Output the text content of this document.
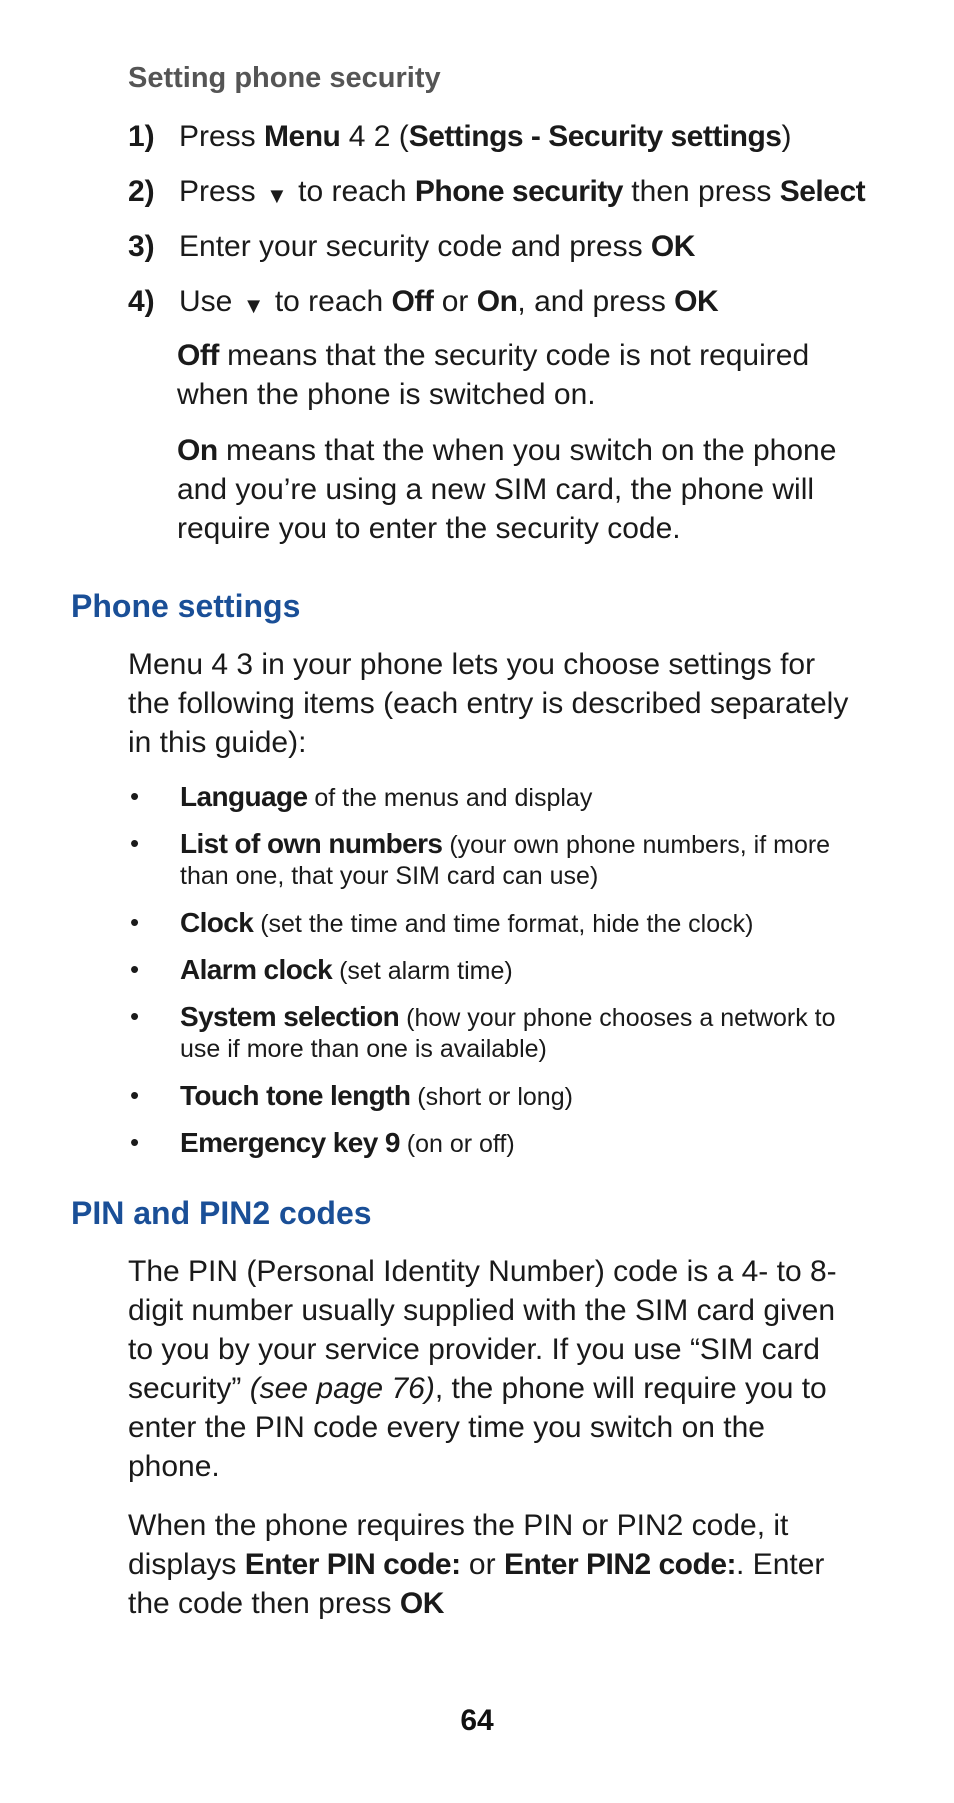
Setting phone security
1) Press Menu 4 2 (Settings - Security settings)
2) Press ▼ to reach Phone security then press Select
3) Enter your security code and press OK
4) Use ▼ to reach Off or On, and press OK

Off means that the security code is not required when the phone is switched on.

On means that the when you switch on the phone and you’re using a new SIM card, the phone will require you to enter the security code.

Phone settings

Menu 4 3 in your phone lets you choose settings for the following items (each entry is described separately in this guide):

• Language of the menus and display
• List of own numbers (your own phone numbers, if more than one, that your SIM card can use)
• Clock (set the time and time format, hide the clock)
• Alarm clock (set alarm time)
• System selection (how your phone chooses a network to use if more than one is available)
• Touch tone length (short or long)
• Emergency key 9 (on or off)
PIN and PIN2 codes

The PIN (Personal Identity Number) code is a 4- to 8-digit number usually supplied with the SIM card given to you by your service provider. If you use “SIM card security” (see page 76), the phone will require you to enter the PIN code every time you switch on the phone.

When the phone requires the PIN or PIN2 code, it displays Enter PIN code: or Enter PIN2 code:. Enter the code then press OK

64
